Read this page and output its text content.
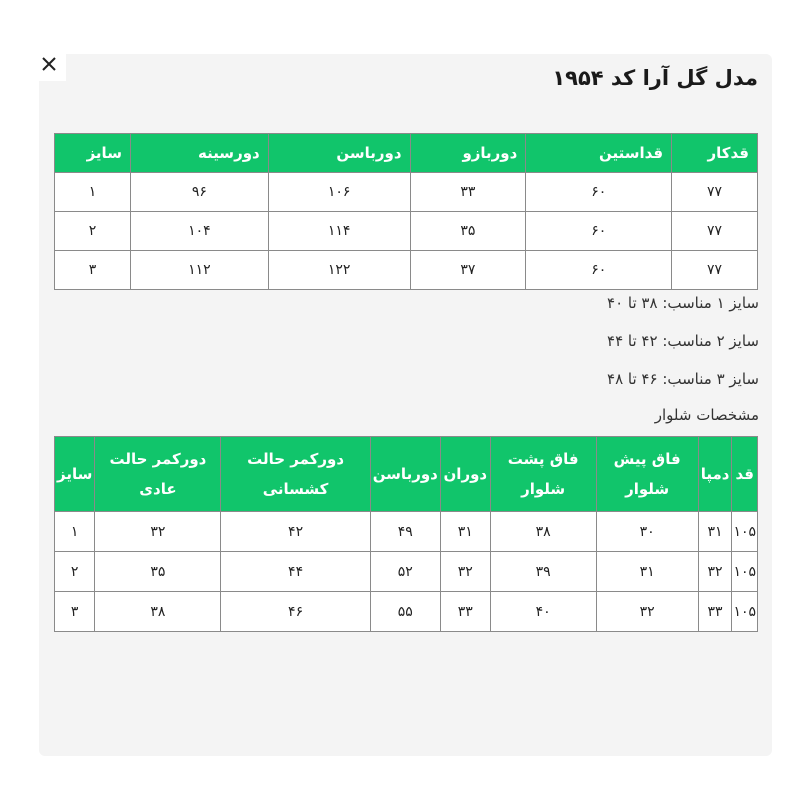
مدل گل آرا کد ۱۹۵۴
قدکار	قداستین	دوربازو	دورباسن	دورسینه	سایز
۷۷	۶۰	۳۳	۱۰۶	۹۶	۱
۷۷	۶۰	۳۵	۱۱۴	۱۰۴	۲
۷۷	۶۰	۳۷	۱۲۲	۱۱۲	۳

سایز ۱ مناسب: ۳۸ تا ۴۰

سایز ۲ مناسب: ۴۲ تا ۴۴

سایز ۳ مناسب: ۴۶ تا ۴۸

مشخصات شلوار

قد	دمپا	فاق پیش شلوار	فاق پشت شلوار	دوران	دورباسن	دورکمر حالت کشسانی	دورکمر حالت عادی	سایز
۱۰۵	۳۱	۳۰	۳۸	۳۱	۴۹	۴۲	۳۲	۱
۱۰۵	۳۲	۳۱	۳۹	۳۲	۵۲	۴۴	۳۵	۲
۱۰۵	۳۳	۳۲	۴۰	۳۳	۵۵	۴۶	۳۸	۳
